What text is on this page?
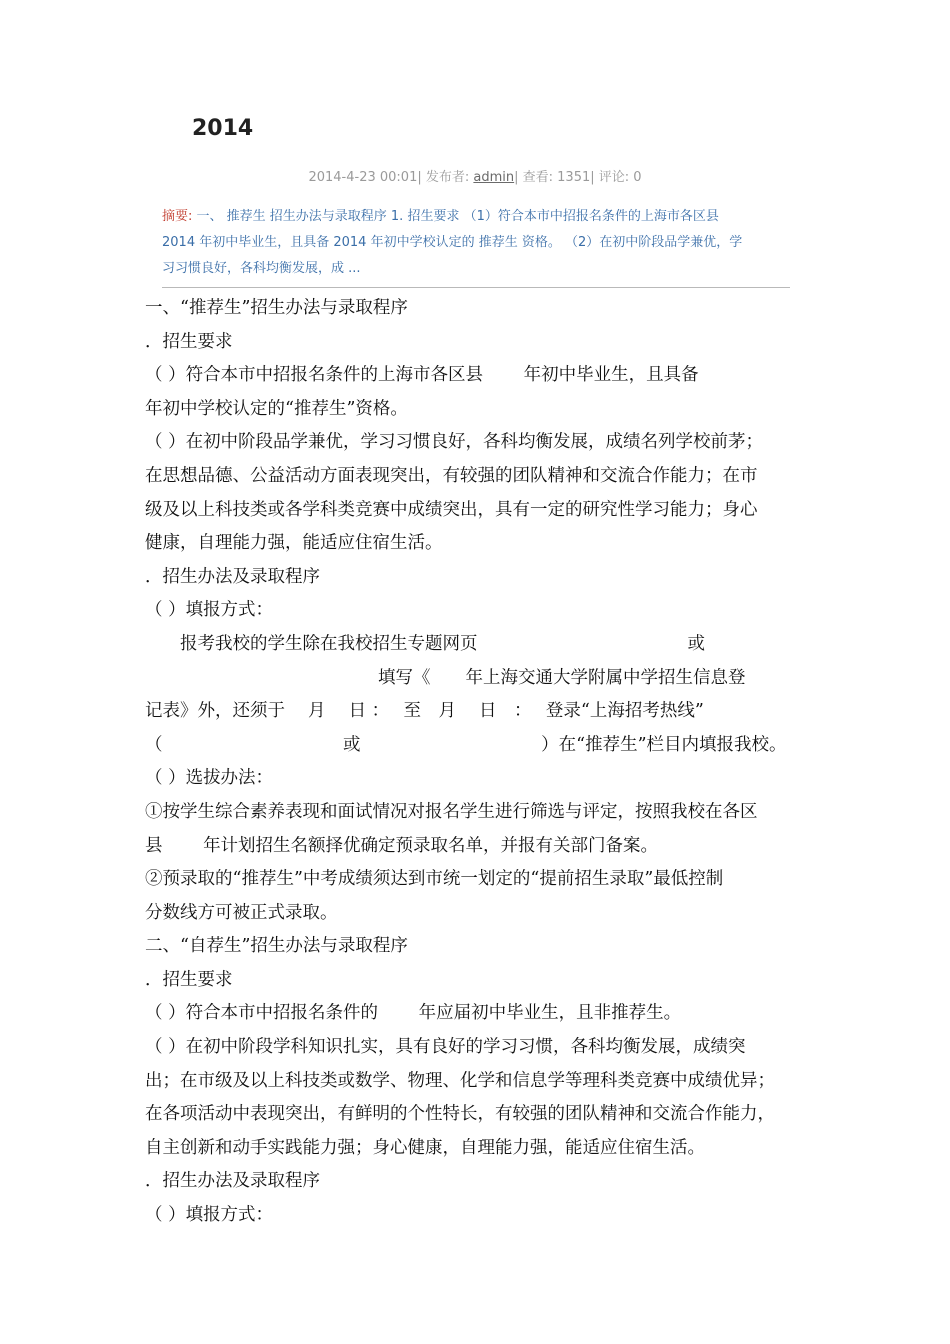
2014
2014-4-23 00:01| 发布者: admin| 查看: 1351| 评论: 0
摘要: 一、 推荐生 招生办法与录取程序 1. 招生要求 （1）符合本市中招报名条件的上海市各区县
2014 年初中毕业生，且具备 2014 年初中学校认定的 推荐生 资格。 （2）在初中阶段品学兼优，学
习习惯良好，各科均衡发展，成 ...
一、“推荐生”招生办法与录取程序
．招生要求
（ ）符合本市中招报名条件的上海市各区县　　 年初中毕业生，且具备
年初中学校认定的“推荐生”资格。
（ ）在初中阶段品学兼优，学习习惯良好，各科均衡发展，成绩名列学校前茅；
在思想品德、公益活动方面表现突出，有较强的团队精神和交流合作能力；在市
级及以上科技类或各学科类竞赛中成绩突出，具有一定的研究性学习能力；身心
健康，自理能力强，能适应住宿生活。
．招生办法及录取程序
（ ）填报方式：
　　报考我校的学生除在我校招生专题网页　　　　　　　　　　　　或
　　　　　　　　　　　　　 填写《　　年上海交通大学附属中学招生信息登
记表》外，还须于　 月　 日 ：　 至　月　 日　：　 登录“上海招考热线”
（　　　　　　　　　　 或　　　　　　　　　　 ）在“推荐生”栏目内填报我校。
（ ）选拔办法：
①按学生综合素养表现和面试情况对报名学生进行筛选与评定，按照我校在各区
县　　 年计划招生名额择优确定预录取名单，并报有关部门备案。
②预录取的“推荐生”中考成绩须达到市统一划定的“提前招生录取”最低控制
分数线方可被正式录取。
二、“自荐生”招生办法与录取程序
．招生要求
（ ）符合本市中招报名条件的　　 年应届初中毕业生，且非推荐生。
（ ）在初中阶段学科知识扎实，具有良好的学习习惯，各科均衡发展，成绩突
出；在市级及以上科技类或数学、物理、化学和信息学等理科类竞赛中成绩优异；
在各项活动中表现突出，有鲜明的个性特长，有较强的团队精神和交流合作能力，
自主创新和动手实践能力强；身心健康，自理能力强，能适应住宿生活。
．招生办法及录取程序
（ ）填报方式：
